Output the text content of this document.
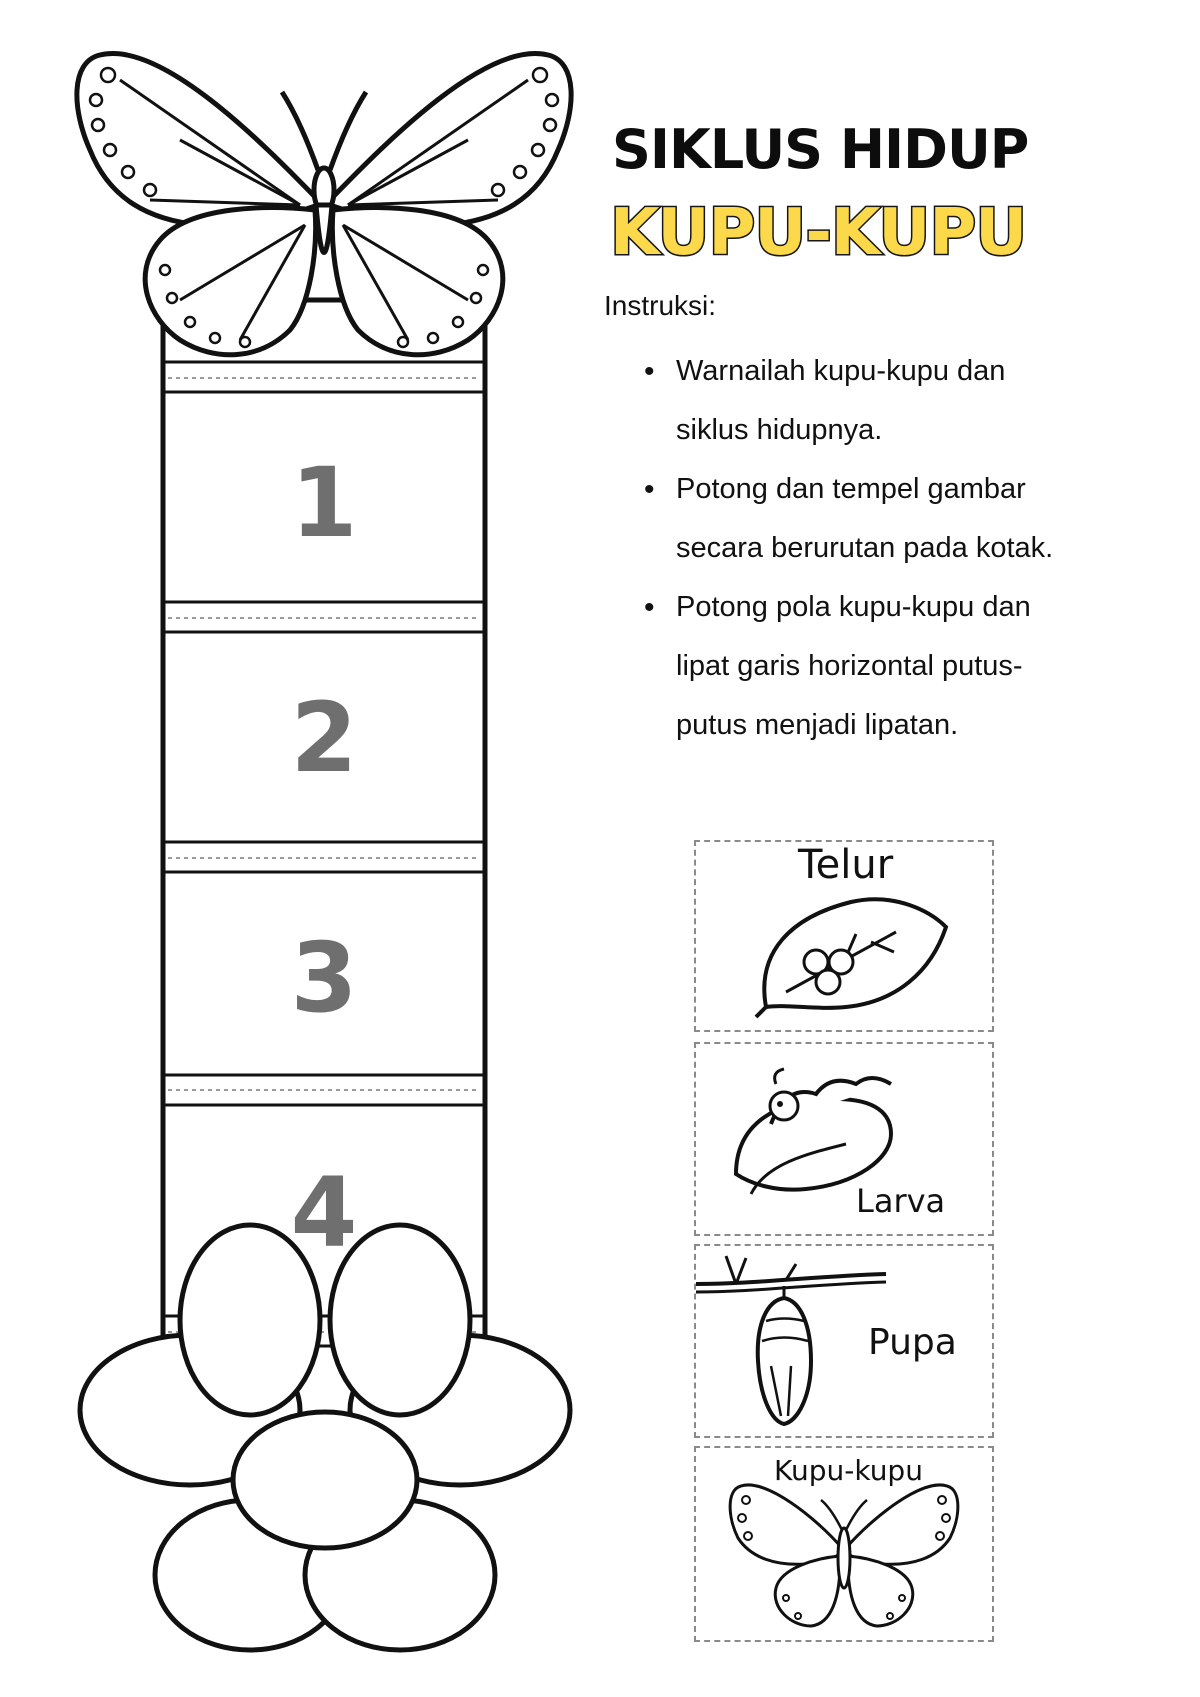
1
2
3
4
SIKLUS HIDUP
KUPU-KUPU
Instruksi:
• Warnailah kupu-kupu dan siklus hidupnya.
• Potong dan tempel gambar secara berurutan pada kotak.
• Potong pola kupu-kupu dan lipat garis horizontal putus-putus menjadi lipatan.
Telur
Larva
Pupa
Kupu-kupu
